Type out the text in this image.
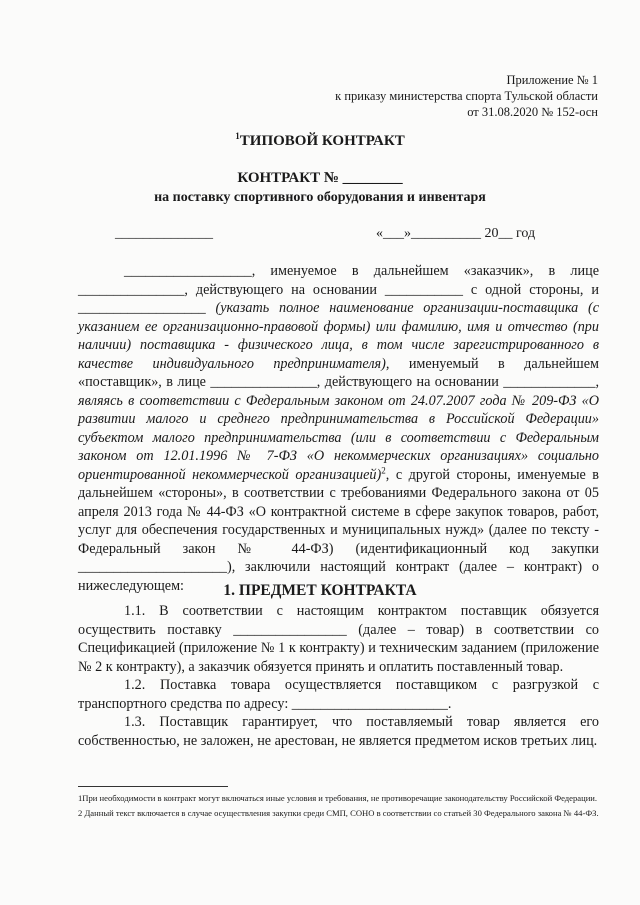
Приложение № 1
к приказу министерства спорта Тульской области
от 31.08.2020 № 152-осн
$^1$ТИПОВОЙ КОНТРАКТ
КОНТРАКТ № ________
на поставку спортивного оборудования и инвентаря
______________	«___»__________ 20__ год

__________________, именуемое в дальнейшем «заказчик», в лице _______________, действующего на основании ___________ с одной стороны, и __________________ (указать полное наименование организации-поставщика (с указанием ее организационно-правовой формы) или фамилию, имя и отчество (при наличии) поставщика - физического лица, в том числе зарегистрированного в качестве индивидуального предпринимателя), именуемый в дальнейшем «поставщик», в лице _______________, действующего на основании _____________, являясь в соответствии с Федеральным законом от 24.07.2007 года № 209-ФЗ «О развитии малого и среднего предпринимательства в Российской Федерации» субъектом малого предпринимательства (или в соответствии с Федеральным законом от 12.01.1996 № 7-ФЗ «О некоммерческих организациях» социально ориентированной некоммерческой организацией)$^2$, с другой стороны, именуемые в дальнейшем «стороны», в соответствии с требованиями Федерального закона от 05 апреля 2013 года № 44-ФЗ «О контрактной системе в сфере закупок товаров, работ, услуг для обеспечения государственных и муниципальных нужд» (далее по тексту - Федеральный закон № 44-ФЗ) (идентификационный код закупки _____________________), заключили настоящий контракт (далее – контракт) о нижеследующем:	1. ПРЕДМЕТ КОНТРАКТА

1.1. В соответствии с настоящим контрактом поставщик обязуется осуществить поставку ________________ (далее – товар) в соответствии со Спецификацией (приложение № 1 к контракту) и техническим заданием (приложение № 2 к контракту), а заказчик обязуется принять и оплатить поставленный товар.

1.2. Поставка товара осуществляется поставщиком с разгрузкой с транспортного средства по адресу: ______________________.

1.3. Поставщик гарантирует, что поставляемый товар является его собственностью, не заложен, не арестован, не является предметом исков третьих лиц.

1При необходимости в контракт могут включаться иные условия и требования, не противоречащие законодательству Российской Федерации.

2 Данный текст включается в случае осуществления закупки среди СМП, СОНО в соответствии со статьей 30 Федерального закона № 44-ФЗ.
